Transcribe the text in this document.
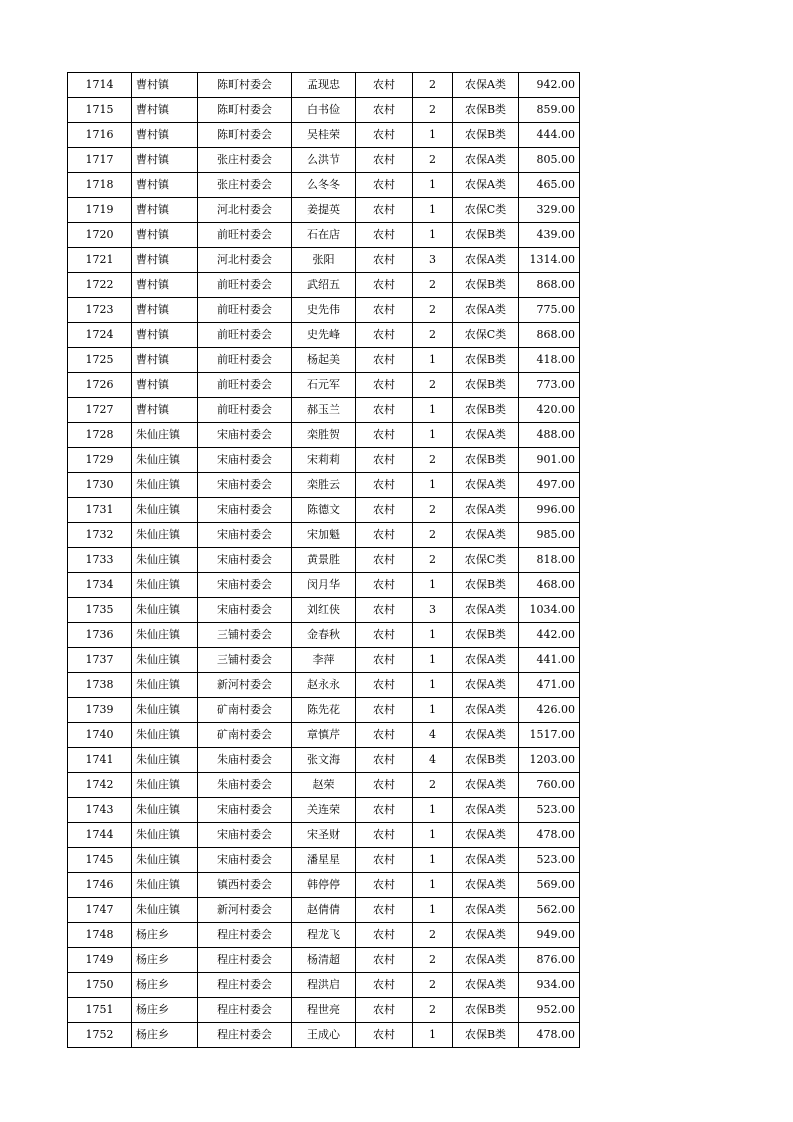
1714	曹村镇	陈町村委会	孟现忠	农村	2	农保A类	942.00
1715	曹村镇	陈町村委会	白书俭	农村	2	农保B类	859.00
1716	曹村镇	陈町村委会	吴桂荣	农村	1	农保B类	444.00
1717	曹村镇	张庄村委会	么洪节	农村	2	农保A类	805.00
1718	曹村镇	张庄村委会	么冬冬	农村	1	农保A类	465.00
1719	曹村镇	河北村委会	姜提英	农村	1	农保C类	329.00
1720	曹村镇	前旺村委会	石在店	农村	1	农保B类	439.00
1721	曹村镇	河北村委会	张阳	农村	3	农保A类	1314.00
1722	曹村镇	前旺村委会	武绍五	农村	2	农保B类	868.00
1723	曹村镇	前旺村委会	史先伟	农村	2	农保A类	775.00
1724	曹村镇	前旺村委会	史先峰	农村	2	农保C类	868.00
1725	曹村镇	前旺村委会	杨起美	农村	1	农保B类	418.00
1726	曹村镇	前旺村委会	石元军	农村	2	农保B类	773.00
1727	曹村镇	前旺村委会	郝玉兰	农村	1	农保B类	420.00
1728	朱仙庄镇	宋庙村委会	栾胜贺	农村	1	农保A类	488.00
1729	朱仙庄镇	宋庙村委会	宋莉莉	农村	2	农保B类	901.00
1730	朱仙庄镇	宋庙村委会	栾胜云	农村	1	农保A类	497.00
1731	朱仙庄镇	宋庙村委会	陈德文	农村	2	农保A类	996.00
1732	朱仙庄镇	宋庙村委会	宋加魁	农村	2	农保A类	985.00
1733	朱仙庄镇	宋庙村委会	黄景胜	农村	2	农保C类	818.00
1734	朱仙庄镇	宋庙村委会	闵月华	农村	1	农保B类	468.00
1735	朱仙庄镇	宋庙村委会	刘红侠	农村	3	农保A类	1034.00
1736	朱仙庄镇	三铺村委会	金春秋	农村	1	农保B类	442.00
1737	朱仙庄镇	三铺村委会	李萍	农村	1	农保A类	441.00
1738	朱仙庄镇	新河村委会	赵永永	农村	1	农保A类	471.00
1739	朱仙庄镇	矿南村委会	陈先花	农村	1	农保A类	426.00
1740	朱仙庄镇	矿南村委会	章慎芹	农村	4	农保A类	1517.00
1741	朱仙庄镇	朱庙村委会	张文海	农村	4	农保B类	1203.00
1742	朱仙庄镇	朱庙村委会	赵荣	农村	2	农保A类	760.00
1743	朱仙庄镇	宋庙村委会	关连荣	农村	1	农保A类	523.00
1744	朱仙庄镇	宋庙村委会	宋圣财	农村	1	农保A类	478.00
1745	朱仙庄镇	宋庙村委会	潘星星	农村	1	农保A类	523.00
1746	朱仙庄镇	镇西村委会	韩停停	农村	1	农保A类	569.00
1747	朱仙庄镇	新河村委会	赵倩倩	农村	1	农保A类	562.00
1748	杨庄乡	程庄村委会	程龙飞	农村	2	农保A类	949.00
1749	杨庄乡	程庄村委会	杨清超	农村	2	农保A类	876.00
1750	杨庄乡	程庄村委会	程洪启	农村	2	农保A类	934.00
1751	杨庄乡	程庄村委会	程世亮	农村	2	农保B类	952.00
1752	杨庄乡	程庄村委会	王成心	农村	1	农保B类	478.00
